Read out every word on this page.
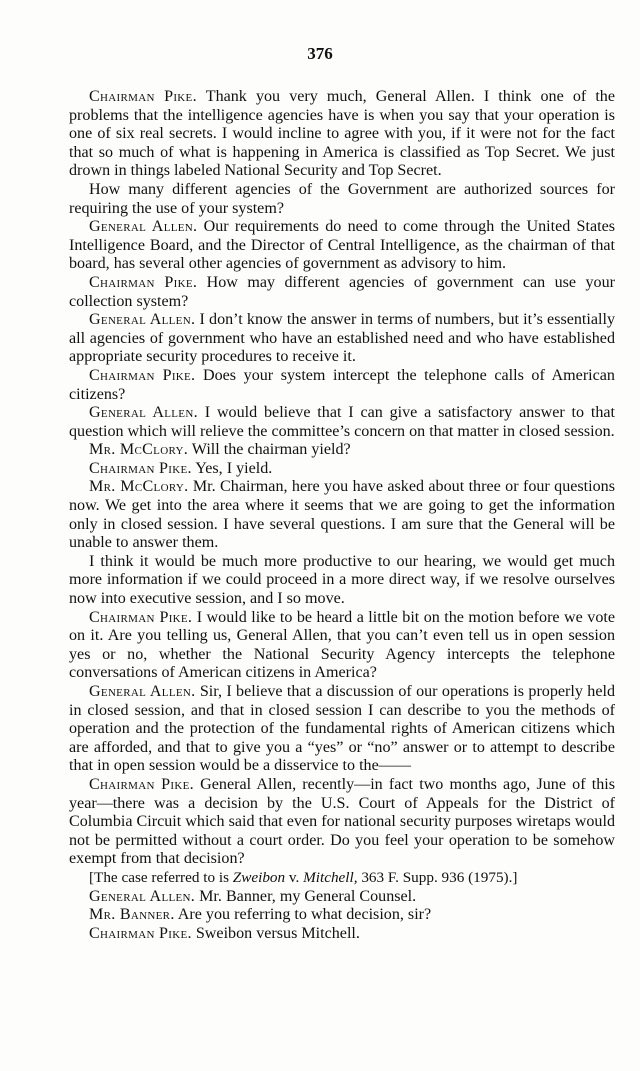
376

Chairman Pike. Thank you very much, General Allen. I think one of the problems that the intelligence agencies have is when you say that your operation is one of six real secrets. I would incline to agree with you, if it were not for the fact that so much of what is happening in America is classified as Top Secret. We just drown in things labeled National Security and Top Secret.

How many different agencies of the Government are authorized sources for requiring the use of your system?

General Allen. Our requirements do need to come through the United States Intelligence Board, and the Director of Central Intelligence, as the chairman of that board, has several other agencies of government as advisory to him.

Chairman Pike. How may different agencies of government can use your collection system?

General Allen. I don’t know the answer in terms of numbers, but it’s essentially all agencies of government who have an established need and who have established appropriate security procedures to receive it.

Chairman Pike. Does your system intercept the telephone calls of American citizens?

General Allen. I would believe that I can give a satisfactory answer to that question which will relieve the committee’s concern on that matter in closed session.

Mr. McClory. Will the chairman yield?

Chairman Pike. Yes, I yield.

Mr. McClory. Mr. Chairman, here you have asked about three or four questions now. We get into the area where it seems that we are going to get the information only in closed session. I have several questions. I am sure that the General will be unable to answer them.

I think it would be much more productive to our hearing, we would get much more information if we could proceed in a more direct way, if we resolve ourselves now into executive session, and I so move.

Chairman Pike. I would like to be heard a little bit on the motion before we vote on it. Are you telling us, General Allen, that you can’t even tell us in open session yes or no, whether the National Security Agency intercepts the telephone conversations of American citizens in America?

General Allen. Sir, I believe that a discussion of our operations is properly held in closed session, and that in closed session I can describe to you the methods of operation and the protection of the fundamental rights of American citizens which are afforded, and that to give you a “yes” or “no” answer or to attempt to describe that in open session would be a disservice to the——

Chairman Pike. General Allen, recently—in fact two months ago, June of this year—there was a decision by the U.S. Court of Appeals for the District of Columbia Circuit which said that even for national security purposes wiretaps would not be permitted without a court order. Do you feel your operation to be somehow exempt from that decision?

[The case referred to is Zweibon v. Mitchell, 363 F. Supp. 936 (1975).]

General Allen. Mr. Banner, my General Counsel.

Mr. Banner. Are you referring to what decision, sir?

Chairman Pike. Sweibon versus Mitchell.
